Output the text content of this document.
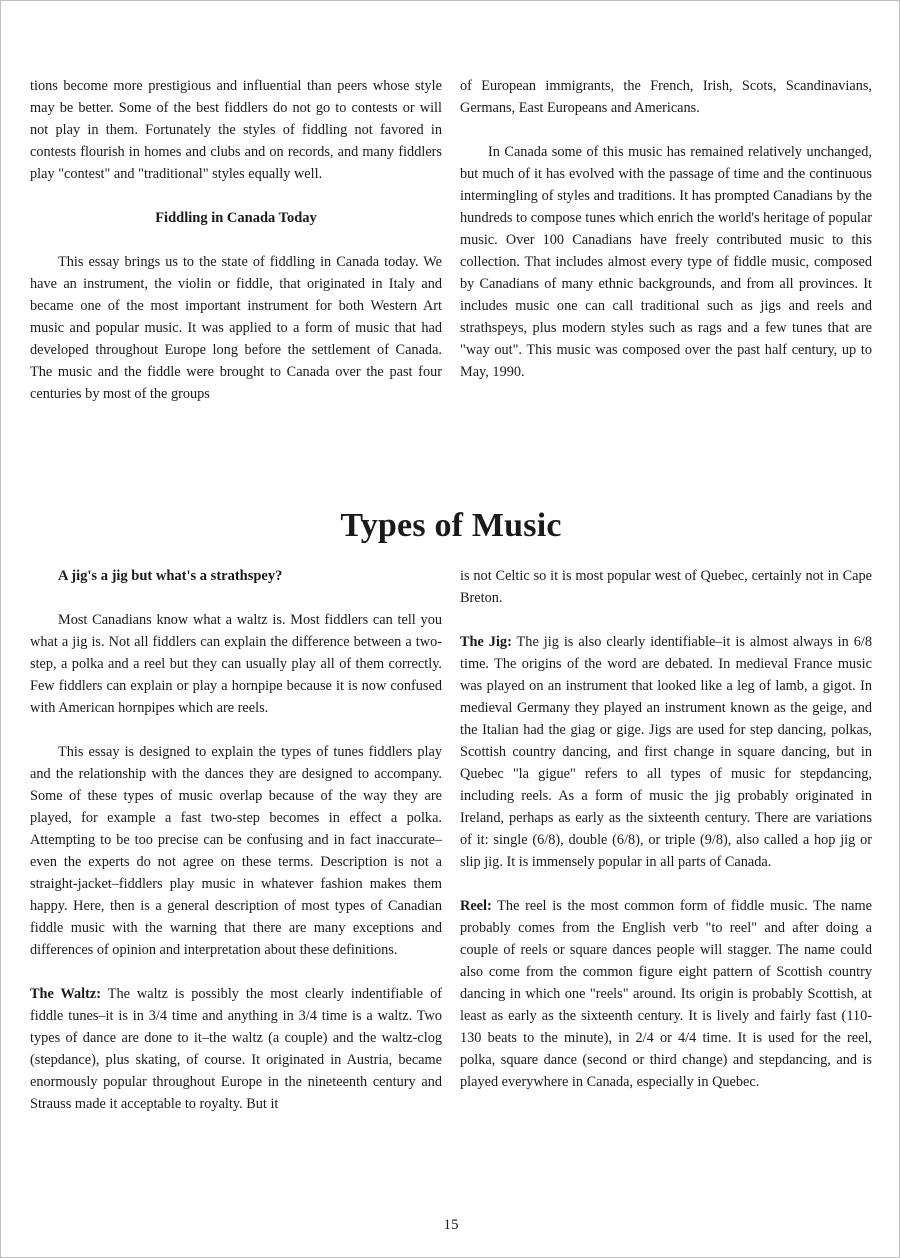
tions become more prestigious and influential than peers whose style may be better. Some of the best fiddlers do not go to contests or will not play in them. Fortunately the styles of fiddling not favored in contests flourish in homes and clubs and on records, and many fiddlers play "contest" and "traditional" styles equally well.

Fiddling in Canada Today

This essay brings us to the state of fiddling in Canada today. We have an instrument, the violin or fiddle, that originated in Italy and became one of the most important instrument for both Western Art music and popular music. It was applied to a form of music that had developed throughout Europe long before the settlement of Canada. The music and the fiddle were brought to Canada over the past four centuries by most of the groups

of European immigrants, the French, Irish, Scots, Scandinavians, Germans, East Europeans and Americans.

In Canada some of this music has remained relatively unchanged, but much of it has evolved with the passage of time and the continuous intermingling of styles and traditions. It has prompted Canadians by the hundreds to compose tunes which enrich the world's heritage of popular music. Over 100 Canadians have freely contributed music to this collection. That includes almost every type of fiddle music, composed by Canadians of many ethnic backgrounds, and from all provinces. It includes music one can call traditional such as jigs and reels and strathspeys, plus modern styles such as rags and a few tunes that are "way out". This music was composed over the past half century, up to May, 1990.

Types of Music
A jig's a jig but what's a strathspey?

Most Canadians know what a waltz is. Most fiddlers can tell you what a jig is. Not all fiddlers can explain the difference between a two-step, a polka and a reel but they can usually play all of them correctly. Few fiddlers can explain or play a hornpipe because it is now confused with American hornpipes which are reels.

This essay is designed to explain the types of tunes fiddlers play and the relationship with the dances they are designed to accompany. Some of these types of music overlap because of the way they are played, for example a fast two-step becomes in effect a polka. Attempting to be too precise can be confusing and in fact inaccurate–even the experts do not agree on these terms. Description is not a straight-jacket–fiddlers play music in whatever fashion makes them happy. Here, then is a general description of most types of Canadian fiddle music with the warning that there are many exceptions and differences of opinion and interpretation about these definitions.

The Waltz: The waltz is possibly the most clearly indentifiable of fiddle tunes–it is in 3/4 time and anything in 3/4 time is a waltz. Two types of dance are done to it–the waltz (a couple) and the waltz-clog (stepdance), plus skating, of course. It originated in Austria, became enormously popular throughout Europe in the nineteenth century and Strauss made it acceptable to royalty. But it

is not Celtic so it is most popular west of Quebec, certainly not in Cape Breton.

The Jig: The jig is also clearly identifiable–it is almost always in 6/8 time. The origins of the word are debated. In medieval France music was played on an instrument that looked like a leg of lamb, a gigot. In medieval Germany they played an instrument known as the geige, and the Italian had the giag or gige. Jigs are used for step dancing, polkas, Scottish country dancing, and first change in square dancing, but in Quebec "la gigue" refers to all types of music for stepdancing, including reels. As a form of music the jig probably originated in Ireland, perhaps as early as the sixteenth century. There are variations of it: single (6/8), double (6/8), or triple (9/8), also called a hop jig or slip jig. It is immensely popular in all parts of Canada.

Reel: The reel is the most common form of fiddle music. The name probably comes from the English verb "to reel" and after doing a couple of reels or square dances people will stagger. The name could also come from the common figure eight pattern of Scottish country dancing in which one "reels" around. Its origin is probably Scottish, at least as early as the sixteenth century. It is lively and fairly fast (110-130 beats to the minute), in 2/4 or 4/4 time. It is used for the reel, polka, square dance (second or third change) and stepdancing, and is played everywhere in Canada, especially in Quebec.

15
